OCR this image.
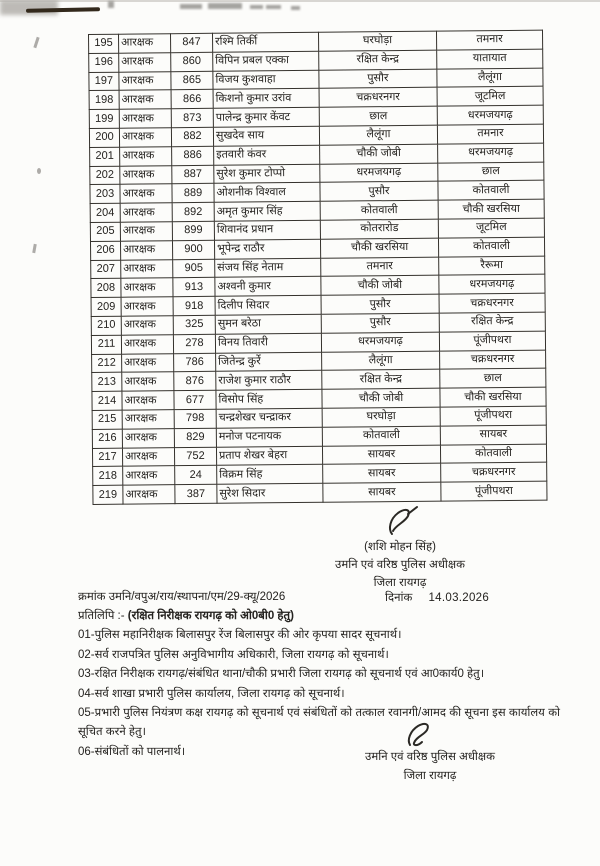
195	आरक्षक	847	रश्मि तिर्की	घरघोड़ा	तमनार
196	आरक्षक	860	विपिन प्रबल एक्का	रक्षित केन्द्र	यातायात
197	आरक्षक	865	विजय कुशवाहा	पुसौर	लैलूंगा
198	आरक्षक	866	किशनो कुमार उरांव	चक्रधरनगर	जूटमिल
199	आरक्षक	873	पालेन्द्र कुमार केंवट	छाल	धरमजयगढ़
200	आरक्षक	882	सुखदेव साय	लैलूंगा	तमनार
201	आरक्षक	886	इतवारी कंवर	चौकी जोबी	धरमजयगढ़
202	आरक्षक	887	सुरेश कुमार टोप्पो	धरमजयगढ़	छाल
203	आरक्षक	889	ओशनीक विश्वाल	पुसौर	कोतवाली
204	आरक्षक	892	अमृत कुमार सिंह	कोतवाली	चौकी खरसिया
205	आरक्षक	899	शिवानंद प्रधान	कोतरारोड	जूटमिल
206	आरक्षक	900	भूपेन्द्र राठौर	चौकी खरसिया	कोतवाली
207	आरक्षक	905	संजय सिंह नेताम	तमनार	रैरूमा
208	आरक्षक	913	अश्वनी कुमार	चौकी जोबी	धरमजयगढ़
209	आरक्षक	918	दिलीप सिदार	पुसौर	चक्रधरनगर
210	आरक्षक	325	सुमन बरेठा	पुसौर	रक्षित केन्द्र
211	आरक्षक	278	विनय तिवारी	धरमजयगढ़	पूंजीपथरा
212	आरक्षक	786	जितेन्द्र कुर्रे	लैलूंगा	चक्रधरनगर
213	आरक्षक	876	राजेश कुमार राठौर	रक्षित केन्द्र	छाल
214	आरक्षक	677	विसोप सिंह	चौकी जोबी	चौकी खरसिया
215	आरक्षक	798	चन्द्रशेखर चन्द्राकर	घरघोड़ा	पूंजीपथरा
216	आरक्षक	829	मनोज पटनायक	कोतवाली	सायबर
217	आरक्षक	752	प्रताप शेखर बेहरा	सायबर	कोतवाली
218	आरक्षक	24	विक्रम सिंह	सायबर	चक्रधरनगर
219	आरक्षक	387	सुरेश सिदार	सायबर	पूंजीपथरा
(शशि मोहन सिंह)
उमनि एवं वरिष्ठ पुलिस अधीक्षक
जिला रायगढ़
क्रमांक उमनि/वपुअ/राय/स्थापना/एम/29-क्यू/2026	दिनांक 14.03.2026
प्रतिलिपि :- (रक्षित निरीक्षक रायगढ़ को ओ0बी0 हेतु)
01-पुलिस महानिरीक्षक बिलासपुर रेंज बिलासपुर की ओर कृपया सादर सूचनार्थ।
02-सर्व राजपत्रित पुलिस अनुविभागीय अधिकारी, जिला रायगढ़ को सूचनार्थ।
03-रक्षित निरीक्षक रायगढ़/संबंधित थाना/चौकी प्रभारी जिला रायगढ़ को सूचनार्थ एवं आ0कार्य0 हेतु।
04-सर्व शाखा प्रभारी पुलिस कार्यालय, जिला रायगढ़ को सूचनार्थ।
05-प्रभारी पुलिस नियंत्रण कक्ष रायगढ़ को सूचनार्थ एवं संबंधितों को तत्काल रवानगी/आमद की सूचना इस कार्यालय को सूचित करने हेतु।
06-संबंधितों को पालनार्थ।	उमनि एवं वरिष्ठ पुलिस अधीक्षक
जिला रायगढ़
